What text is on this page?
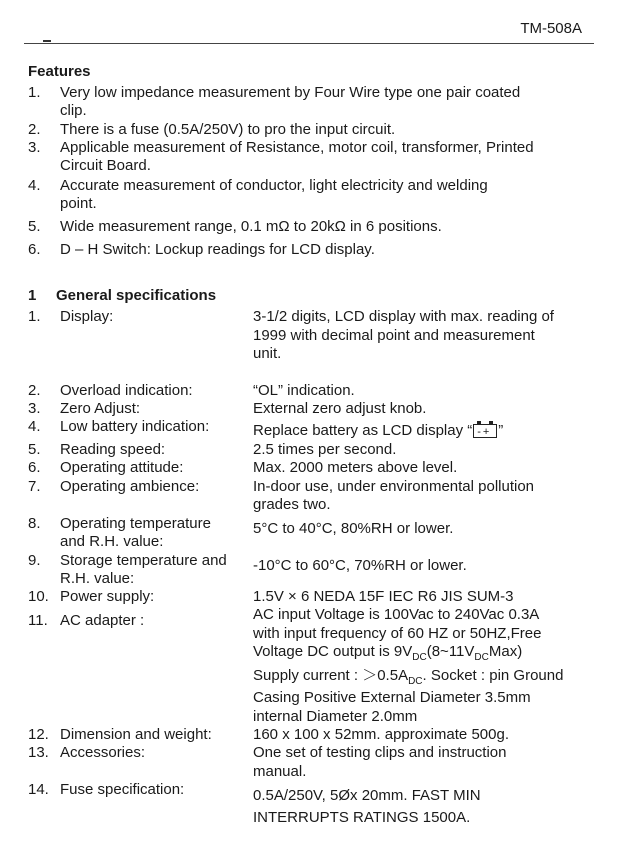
TM-508A
Features
1. Very low impedance measurement by Four Wire type one pair coated
clip.
2. There is a fuse (0.5A/250V) to pro the input circuit.
3. Applicable measurement of Resistance, motor coil, transformer, Printed
Circuit Board.
4. Accurate measurement of conductor, light electricity and welding
point.
5. Wide measurement range, 0.1 mΩ to 20kΩ in 6 positions.
6. D – H Switch: Lockup readings for LCD display.
1 General specifications
1. Display:	3-1/2 digits, LCD display with max. reading of
1999 with decimal point and measurement
unit.
2. Overload indication:	“OL” indication.
3. Zero Adjust:	External zero adjust knob.
4. Low battery indication:	Replace battery as LCD display “ -+ ”
5. Reading speed:	2.5 times per second.
6. Operating attitude:	Max. 2000 meters above level.
7. Operating ambience:	In-door use, under environmental pollution
grades two.
8. Operating temperature
and R.H. value:
5°C to 40°C, 80%RH or lower.
9. Storage temperature and
R.H. value:
-10°C to 60°C, 70%RH or lower.
10. Power supply:	1.5V × 6 NEDA 15F IEC R6 JIS SUM-3
11. AC adapter :	AC input Voltage is 100Vac to 240Vac 0.3A
with input frequency of 60 HZ or 50HZ,Free
Voltage DC output is $9V_{DC}(8\sim 11V_{DC}Max)$
Supply current : $>0.5A_{DC}$. Socket : pin Ground
Casing Positive External Diameter 3.5mm
internal Diameter 2.0mm
12. Dimension and weight:	160 x 100 x 52mm. approximate 500g.
13. Accessories:	One set of testing clips and instruction
manual.
14. Fuse specification:	0.5A/250V, 5Øx 20mm. FAST MIN
INTERRUPTS RATINGS 1500A.
